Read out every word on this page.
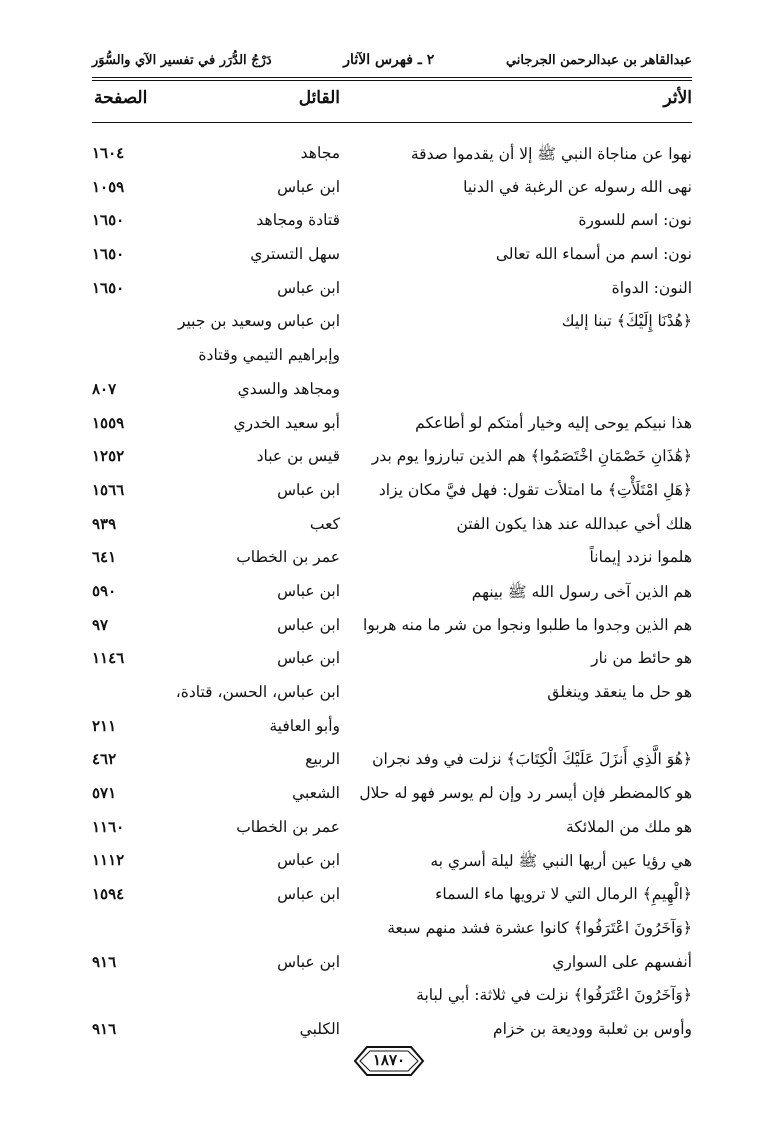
عبدالقاهر بن عبدالرحمن الجرجاني
٢ ـ فهرس الآثار
دَرْجُ الدُّرَر في تفسير الآي والسُّوَر
الأثر
القائل
الصفحة
نهوا عن مناجاة النبي ﷺ إلا أن يقدموا صدقة
مجاهد
١٦٠٤
نهى الله رسوله عن الرغبة في الدنيا
ابن عباس
١٠٥٩
نون: اسم للسورة
قتادة ومجاهد
١٦٥٠
نون: اسم من أسماء الله تعالى
سهل التستري
١٦٥٠
النون: الدواة
ابن عباس
١٦٥٠
﴿هُدْنَا إِلَيْكَ﴾ تبنا إليك
ابن عباس وسعيد بن جبير
وإبراهيم التيمي وقتادة
ومجاهد والسدي
٨٠٧
هذا نبيكم يوحى إليه وخيار أمتكم لو أطاعكم
أبو سعيد الخدري
١٥٥٩
﴿هَٰذَانِ خَصْمَانِ اخْتَصَمُوا﴾ هم الذين تبارزوا يوم بدر
قيس بن عباد
١٢٥٢
﴿هَلِ امْتَلَأْتِ﴾ ما امتلأت تقول: فهل فيَّ مكان يزاد
ابن عباس
١٥٦٦
هلك أخي عبدالله عند هذا يكون الفتن
كعب
٩٣٩
هلموا نزدد إيماناً
عمر بن الخطاب
٦٤١
هم الذين آخى رسول الله ﷺ بينهم
ابن عباس
٥٩٠
هم الذين وجدوا ما طلبوا ونجوا من شر ما منه هربوا
ابن عباس
٩٧
هو حائط من نار
ابن عباس
١١٤٦
هو حل ما ينعقد وينغلق
ابن عباس، الحسن، قتادة،
وأبو العافية
٢١١
﴿هُوَ الَّذِي أَنزَلَ عَلَيْكَ الْكِتَابَ﴾ نزلت في وفد نجران
الربيع
٤٦٢
هو كالمضطر فإن أيسر رد وإن لم يوسر فهو له حلال
الشعبي
٥٧١
هو ملك من الملائكة
عمر بن الخطاب
١١٦٠
هي رؤيا عين أريها النبي ﷺ ليلة أسري به
ابن عباس
١١١٢
﴿الْهِيمِ﴾ الرمال التي لا ترويها ماء السماء
ابن عباس
١٥٩٤
﴿وَآخَرُونَ اعْتَرَفُوا﴾ كانوا عشرة فشد منهم سبعة
أنفسهم على السواري
ابن عباس
٩١٦
﴿وَآخَرُونَ اعْتَرَفُوا﴾ نزلت في ثلاثة: أبي لبابة
وأوس بن ثعلبة ووديعة بن خزام
الكلبي
٩١٦
١٨٧٠
